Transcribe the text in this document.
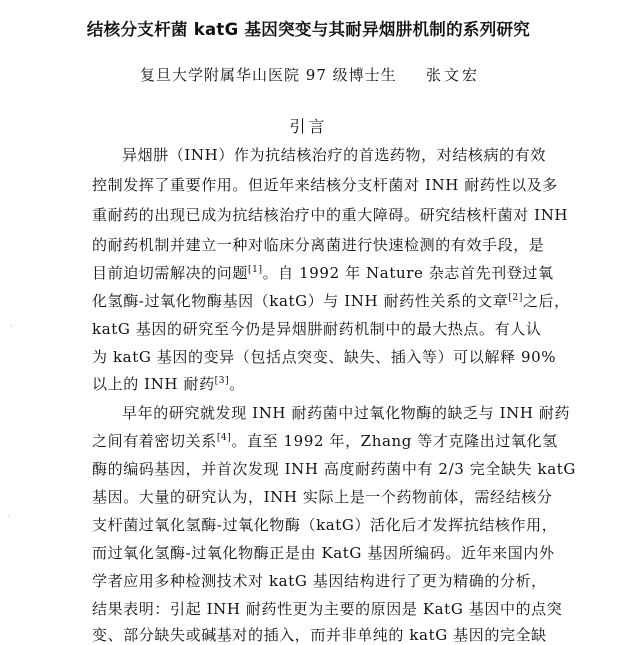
结核分支杆菌 katG 基因突变与其耐异烟肼机制的系列研究
复旦大学附属华山医院 97 级博士生 张文宏
引言
异烟肼（INH）作为抗结核治疗的首选药物，对结核病的有效
控制发挥了重要作用。但近年来结核分支杆菌对 INH 耐药性以及多
重耐药的出现已成为抗结核治疗中的重大障碍。研究结核杆菌对 INH
的耐药机制并建立一种对临床分离菌进行快速检测的有效手段，是
目前迫切需解决的问题[1]。自 1992 年 Nature 杂志首先刊登过氧
化氢酶-过氧化物酶基因（katG）与 INH 耐药性关系的文章[2]之后，
katG 基因的研究至今仍是异烟肼耐药机制中的最大热点。有人认
为 katG 基因的变异（包括点突变、缺失、插入等）可以解释 90%
以上的 INH 耐药[3]。
早年的研究就发现 INH 耐药菌中过氧化物酶的缺乏与 INH 耐药
之间有着密切关系[4]。直至 1992 年，Zhang 等才克隆出过氧化氢
酶的编码基因，并首次发现 INH 高度耐药菌中有 2/3 完全缺失 katG
基因。大量的研究认为，INH 实际上是一个药物前体，需经结核分
支杆菌过氧化氢酶-过氧化物酶（katG）活化后才发挥抗结核作用，
而过氧化氢酶-过氧化物酶正是由 KatG 基因所编码。近年来国内外
学者应用多种检测技术对 katG 基因结构进行了更为精确的分析，
结果表明：引起 INH 耐药性更为主要的原因是 KatG 基因中的点突
变、部分缺失或碱基对的插入，而并非单纯的 katG 基因的完全缺
·
·
